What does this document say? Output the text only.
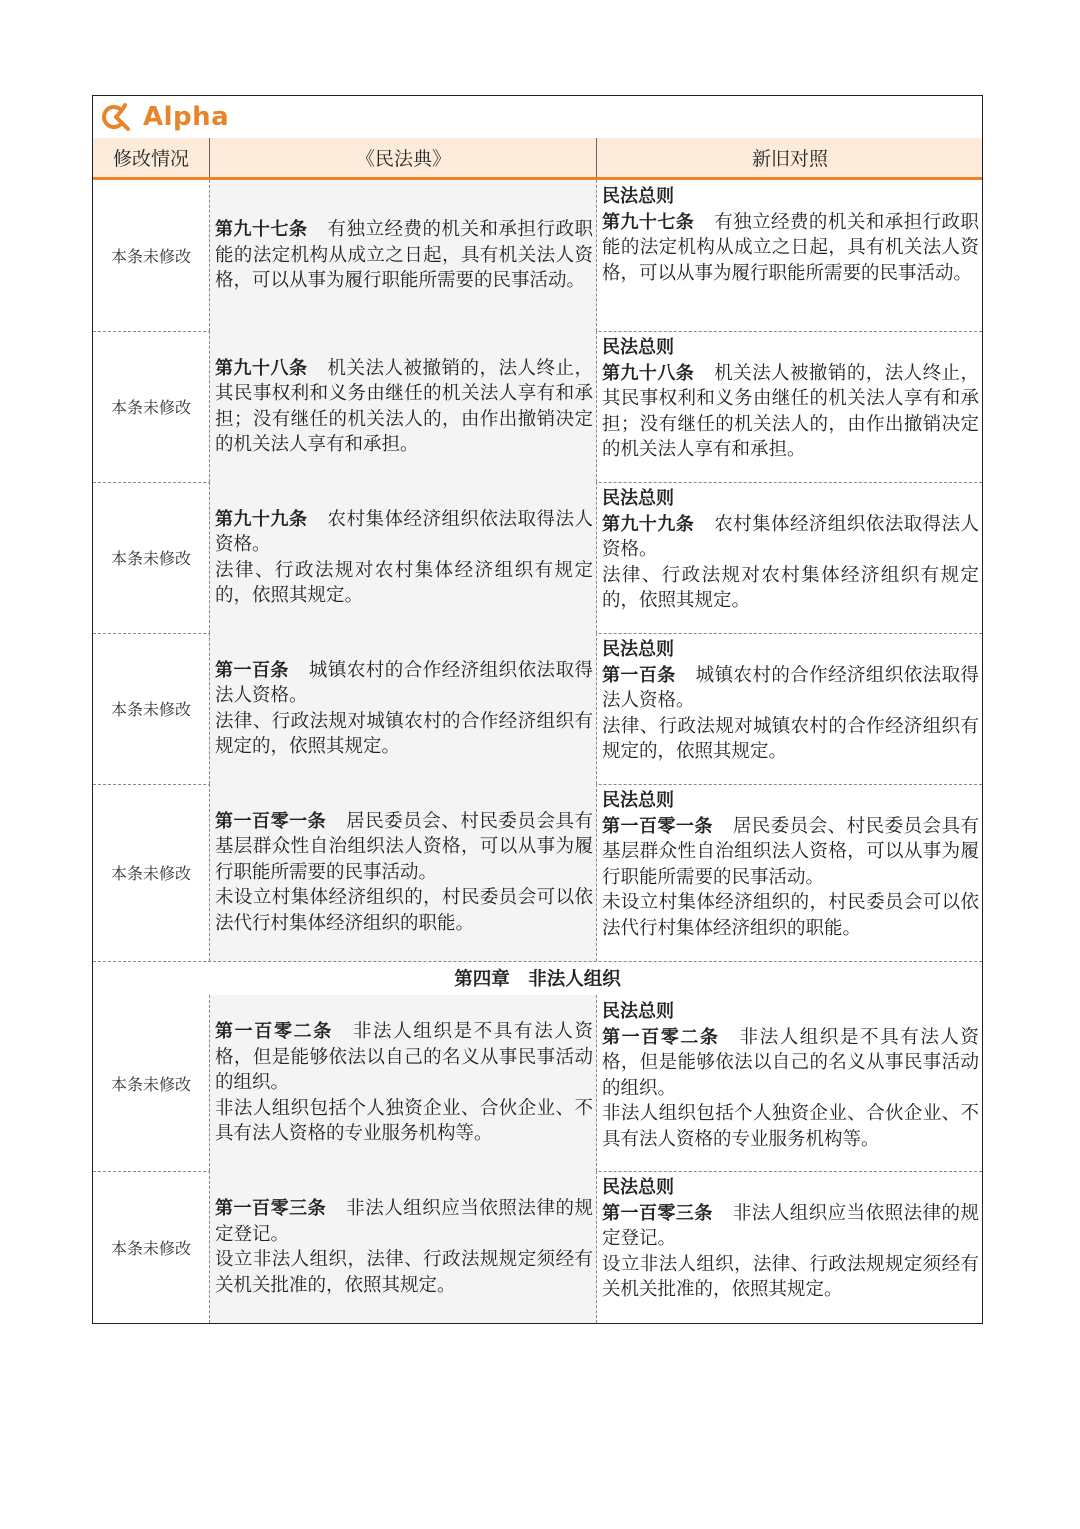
Alpha
修改情况	《民法典》	新旧对照
本条未修改
第九十七条 有独立经费的机关和承担行政职能的法定机构从成立之日起，具有机关法人资格，可以从事为履行职能所需要的民事活动。
民法总则
第九十七条 有独立经费的机关和承担行政职能的法定机构从成立之日起，具有机关法人资格，可以从事为履行职能所需要的民事活动。
本条未修改
第九十八条 机关法人被撤销的，法人终止，其民事权利和义务由继任的机关法人享有和承担；没有继任的机关法人的，由作出撤销决定的机关法人享有和承担。
民法总则
第九十八条 机关法人被撤销的，法人终止，其民事权利和义务由继任的机关法人享有和承担；没有继任的机关法人的，由作出撤销决定的机关法人享有和承担。
本条未修改
第九十九条 农村集体经济组织依法取得法人资格。
法律、行政法规对农村集体经济组织有规定的，依照其规定。
民法总则
第九十九条 农村集体经济组织依法取得法人资格。
法律、行政法规对农村集体经济组织有规定的，依照其规定。
本条未修改
第一百条 城镇农村的合作经济组织依法取得法人资格。
法律、行政法规对城镇农村的合作经济组织有规定的，依照其规定。
民法总则
第一百条 城镇农村的合作经济组织依法取得法人资格。
法律、行政法规对城镇农村的合作经济组织有规定的，依照其规定。
本条未修改
第一百零一条 居民委员会、村民委员会具有基层群众性自治组织法人资格，可以从事为履行职能所需要的民事活动。
未设立村集体经济组织的，村民委员会可以依法代行村集体经济组织的职能。
民法总则
第一百零一条 居民委员会、村民委员会具有基层群众性自治组织法人资格，可以从事为履行职能所需要的民事活动。
未设立村集体经济组织的，村民委员会可以依法代行村集体经济组织的职能。
本条未修改
第一百零二条 非法人组织是不具有法人资格，但是能够依法以自己的名义从事民事活动的组织。
非法人组织包括个人独资企业、合伙企业、不具有法人资格的专业服务机构等。
民法总则
第一百零二条 非法人组织是不具有法人资格，但是能够依法以自己的名义从事民事活动的组织。
非法人组织包括个人独资企业、合伙企业、不具有法人资格的专业服务机构等。
本条未修改
第一百零三条 非法人组织应当依照法律的规定登记。
设立非法人组织，法律、行政法规规定须经有关机关批准的，依照其规定。
民法总则
第一百零三条 非法人组织应当依照法律的规定登记。
设立非法人组织，法律、行政法规规定须经有关机关批准的，依照其规定。
第四章　非法人组织
